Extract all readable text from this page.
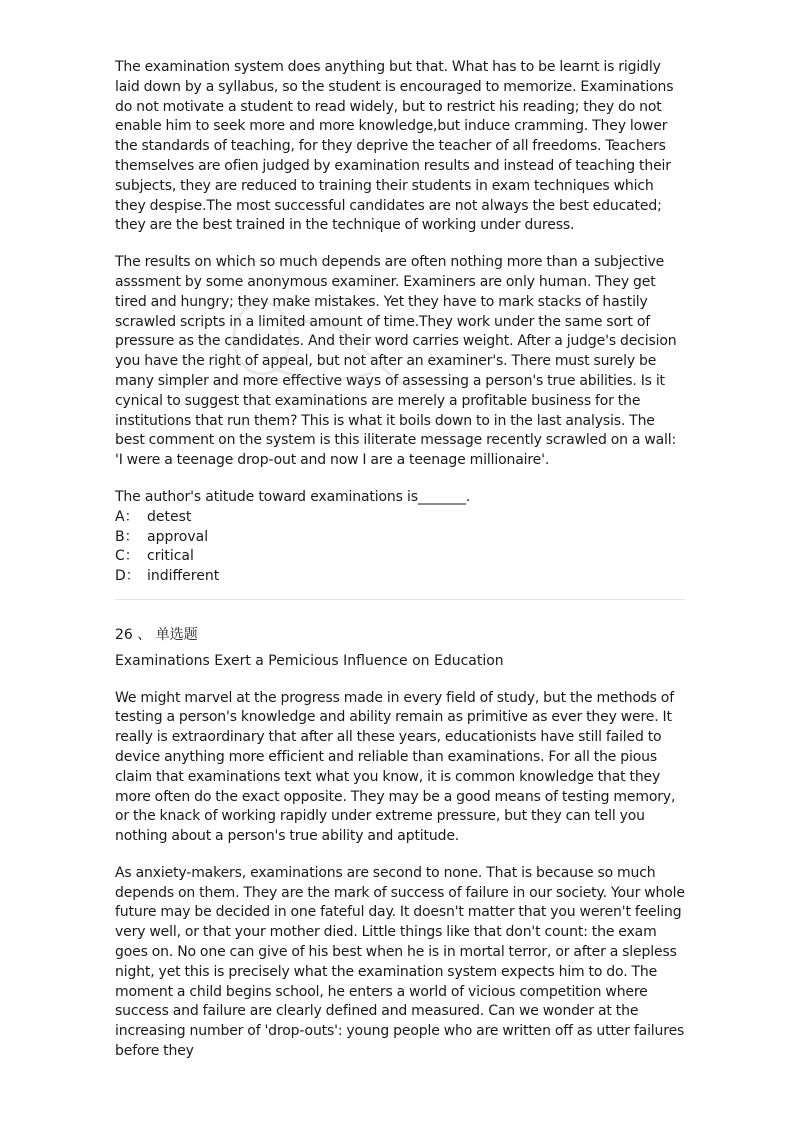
The examination system does anything but that. What has to be learnt is rigidly laid down by a syllabus, so the student is encouraged to memorize. Examinations do not motivate a student to read widely, but to restrict his reading; they do not enable him to seek more and more knowledge,but induce cramming. They lower the standards of teaching, for they deprive the teacher of all freedoms. Teachers themselves are ofien judged by examination results and instead of teaching their subjects, they are reduced to training their students in exam techniques which they despise.The most successful candidates are not always the best educated; they are the best trained in the technique of working under duress.

The results on which so much depends are often nothing more than a subjective asssment by some anonymous examiner. Examiners are only human. They get tired and hungry; they make mistakes. Yet they have to mark stacks of hastily scrawled scripts in a limited amount of time.They work under the same sort of pressure as the candidates. And their word carries weight. After a judge's decision you have the right of appeal, but not after an examiner's. There must surely be many simpler and more effective ways of assessing a person's true abilities. Is it cynical to suggest that examinations are merely a profitable business for the institutions that run them? This is what it boils down to in the last analysis. The best comment on the system is this iliterate message recently scrawled on a wall: 'I were a teenage drop-out and now I are a teenage millionaire'.

The author's atitude toward examinations is_______.

A： detest
B： approval
C： critical
D： indifferent
26 、 单选题
Examinations Exert a Pemicious Influence on Education

We might marvel at the progress made in every field of study, but the methods of testing a person's knowledge and ability remain as primitive as ever they were. It really is extraordinary that after all these years, educationists have still failed to device anything more efficient and reliable than examinations. For all the pious claim that examinations text what you know, it is common knowledge that they more often do the exact opposite. They may be a good means of testing memory, or the knack of working rapidly under extreme pressure, but they can tell you nothing about a person's true ability and aptitude.

As anxiety-makers, examinations are second to none. That is because so much depends on them. They are the mark of success of failure in our society. Your whole future may be decided in one fateful day. It doesn't matter that you weren't feeling very well, or that your mother died. Little things like that don't count: the exam goes on. No one can give of his best when he is in mortal terror, or after a slepless night, yet this is precisely what the examination system expects him to do. The moment a child begins school, he enters a world of vicious competition where success and failure are clearly defined and measured. Can we wonder at the increasing number of 'drop-outs': young people who are written off as utter failures before they
